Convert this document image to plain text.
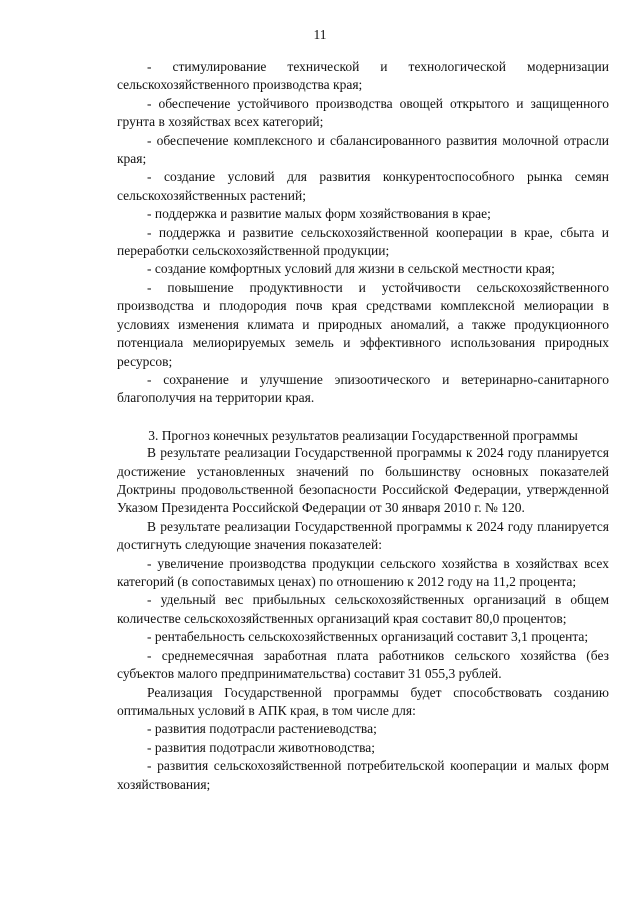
11

- стимулирование технической и технологической модернизации сельскохозяйственного производства края;

- обеспечение устойчивого производства овощей открытого и защищенного грунта в хозяйствах всех категорий;

- обеспечение комплексного и сбалансированного развития молочной отрасли края;

- создание условий для развития конкурентоспособного рынка семян сельскохозяйственных растений;

- поддержка и развитие малых форм хозяйствования в крае;

- поддержка и развитие сельскохозяйственной кооперации в крае, сбыта и переработки сельскохозяйственной продукции;

- создание комфортных условий для жизни в сельской местности края;

- повышение продуктивности и устойчивости сельскохозяйственного производства и плодородия почв края средствами комплексной мелиорации в условиях изменения климата и природных аномалий, а также продукционного потенциала мелиорируемых земель и эффективного использования природных ресурсов;

- сохранение и улучшение эпизоотического и ветеринарно-санитарного благополучия на территории края.

3. Прогноз конечных результатов реализации Государственной программы

В результате реализации Государственной программы к 2024 году планируется достижение установленных значений по большинству основных показателей Доктрины продовольственной безопасности Российской Федерации, утвержденной Указом Президента Российской Федерации от 30 января 2010 г. № 120.

В результате реализации Государственной программы к 2024 году планируется достигнуть следующие значения показателей:

- увеличение производства продукции сельского хозяйства в хозяйствах всех категорий (в сопоставимых ценах) по отношению к 2012 году на 11,2 процента;

- удельный вес прибыльных сельскохозяйственных организаций в общем количестве сельскохозяйственных организаций края составит 80,0 процентов;

- рентабельность сельскохозяйственных организаций составит 3,1 процента;

- среднемесячная заработная плата работников сельского хозяйства (без субъектов малого предпринимательства) составит 31 055,3 рублей.

Реализация Государственной программы будет способствовать созданию оптимальных условий в АПК края, в том числе для:

- развития подотрасли растениеводства;

- развития подотрасли животноводства;

- развития сельскохозяйственной потребительской кооперации и малых форм хозяйствования;
